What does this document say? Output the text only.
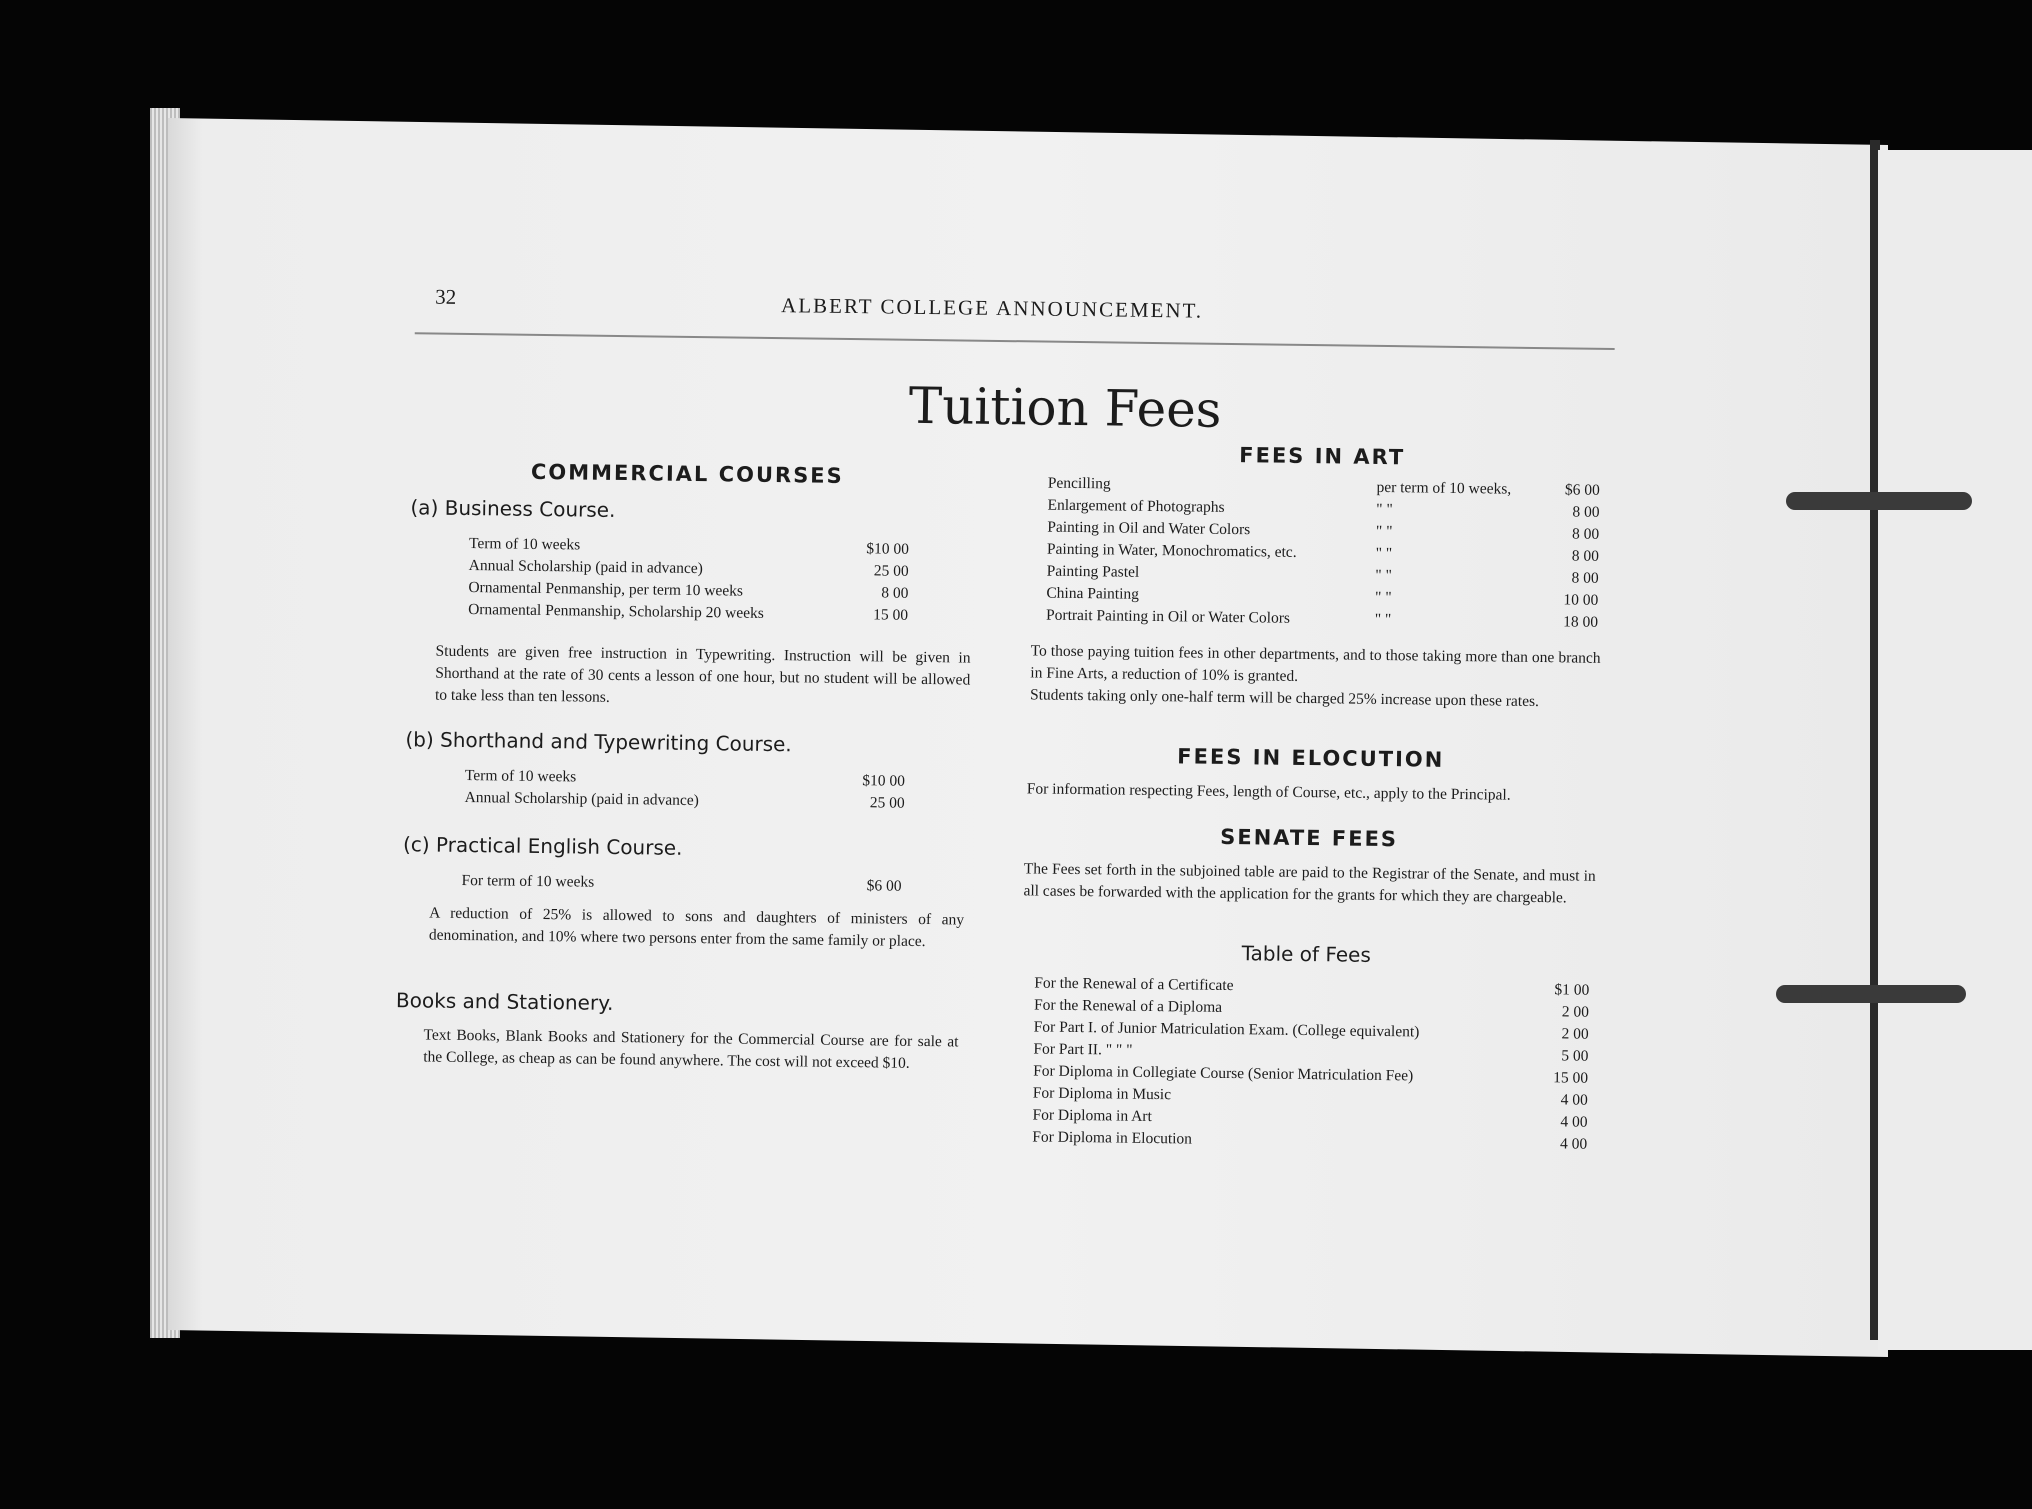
32	ALBERT COLLEGE ANNOUNCEMENT.
Tuition Fees
COMMERCIAL COURSES
(a) Business Course.
Term of 10 weeks	$10 00
Annual Scholarship (paid in advance)	25 00
Ornamental Penmanship, per term 10 weeks	8 00
Ornamental Penmanship, Scholarship 20 weeks	15 00

Students are given free instruction in Typewriting. Instruction will be given in Shorthand at the rate of 30 cents a lesson of one hour, but no student will be allowed to take less than ten lessons.

(b) Shorthand and Typewriting Course.
Term of 10 weeks	$10 00
Annual Scholarship (paid in advance)	25 00
(c) Practical English Course.
For term of 10 weeks	$6 00

A reduction of 25% is allowed to sons and daughters of ministers of any denomination, and 10% where two persons enter from the same family or place.

Books and Stationery.

Text Books, Blank Books and Stationery for the Commercial Course are for sale at the College, as cheap as can be found anywhere. The cost will not exceed $10.

FEES IN ART
Pencilling	per term of 10 weeks,	$6 00
Enlargement of Photographs	" "	8 00
Painting in Oil and Water Colors	" "	8 00
Painting in Water, Monochromatics, etc.	" "	8 00
Painting Pastel	" "	8 00
China Painting	" "	10 00
Portrait Painting in Oil or Water Colors	" "	18 00

To those paying tuition fees in other departments, and to those taking more than one branch in Fine Arts, a reduction of 10% is granted.

Students taking only one-half term will be charged 25% increase upon these rates.

FEES IN ELOCUTION

For information respecting Fees, length of Course, etc., apply to the Principal.

SENATE FEES

The Fees set forth in the subjoined table are paid to the Registrar of the Senate, and must in all cases be forwarded with the application for the grants for which they are chargeable.

Table of Fees
For the Renewal of a Certificate	$1 00
For the Renewal of a Diploma	2 00
For Part I. of Junior Matriculation Exam. (College equivalent)	2 00
For Part II. " " "	5 00
For Diploma in Collegiate Course (Senior Matriculation Fee)	15 00
For Diploma in Music	4 00
For Diploma in Art	4 00
For Diploma in Elocution	4 00
